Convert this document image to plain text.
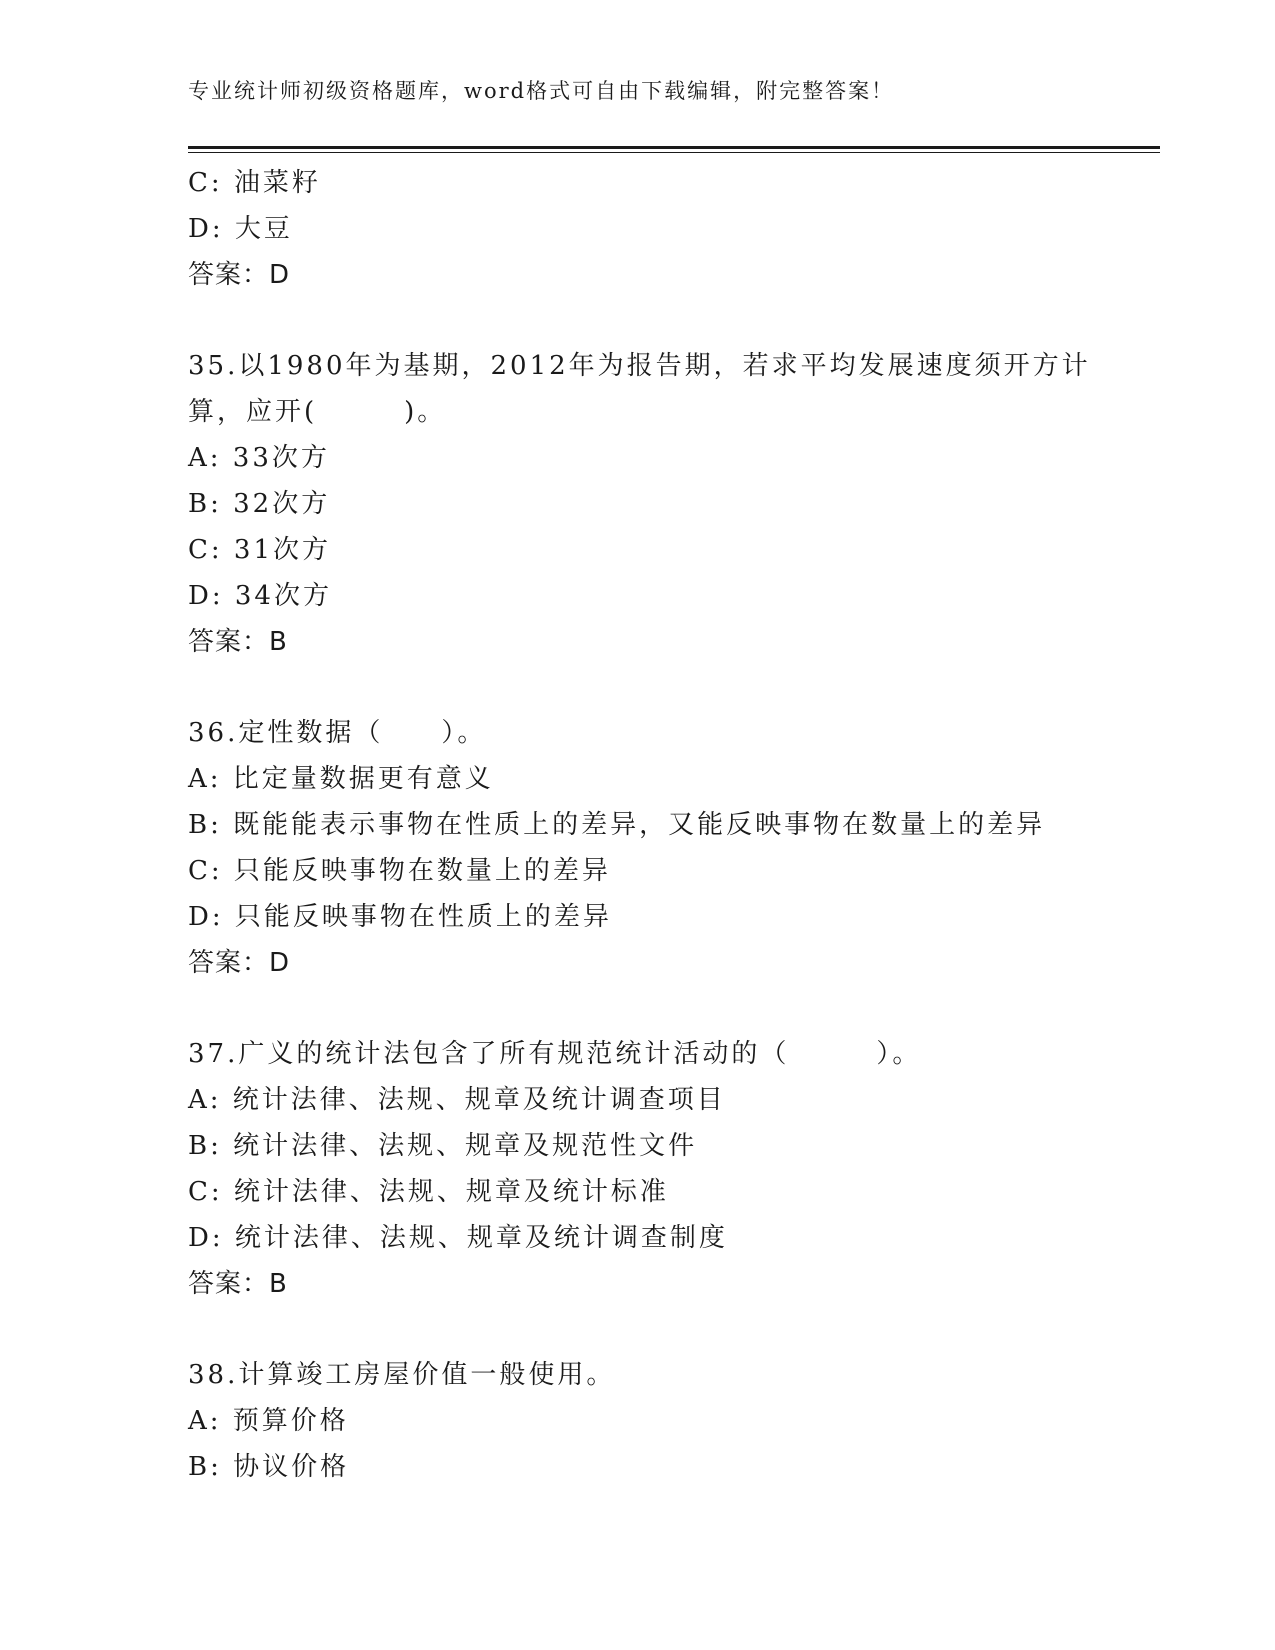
专业统计师初级资格题库，word格式可自由下载编辑，附完整答案！
C: 油菜籽
D: 大豆
答案：D
35.以1980年为基期，2012年为报告期，若求平均发展速度须开方计
算，应开(　　　)。
A: 33次方
B: 32次方
C: 31次方
D: 34次方
答案：B
36.定性数据（　　）。
A: 比定量数据更有意义
B: 既能能表示事物在性质上的差异，又能反映事物在数量上的差异
C: 只能反映事物在数量上的差异
D: 只能反映事物在性质上的差异
答案：D
37.广义的统计法包含了所有规范统计活动的（　　　）。
A: 统计法律、法规、规章及统计调查项目
B: 统计法律、法规、规章及规范性文件
C: 统计法律、法规、规章及统计标准
D: 统计法律、法规、规章及统计调查制度
答案：B
38.计算竣工房屋价值一般使用。
A: 预算价格
B: 协议价格
